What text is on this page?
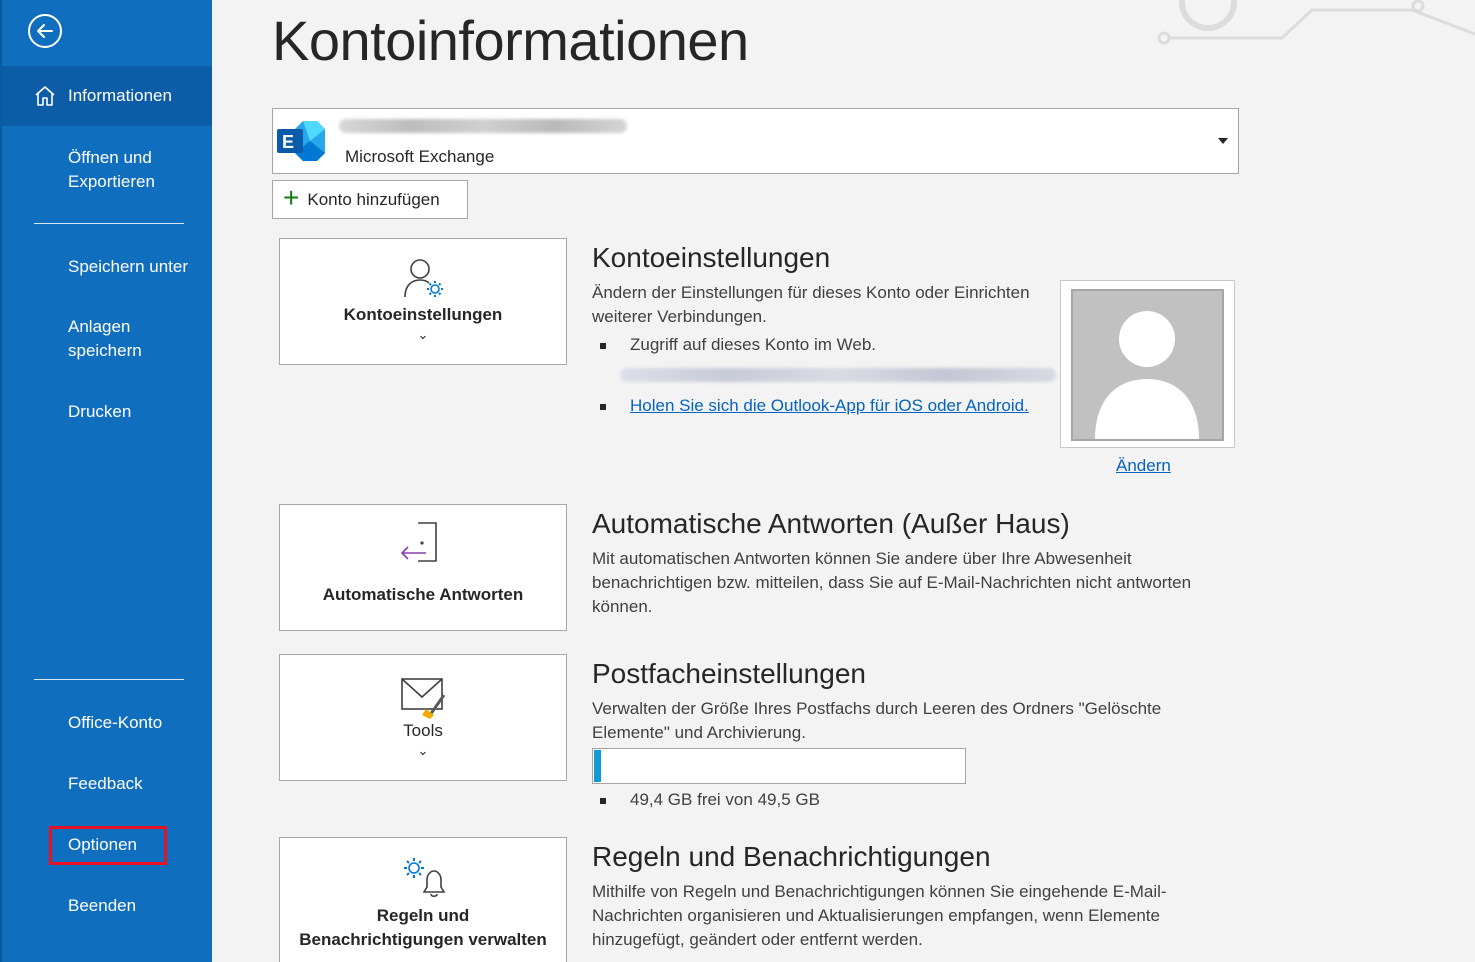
Informationen
Öffnen und Exportieren
Speichern unter
Anlagen speichern
Drucken
Office-Konto
Feedback
Optionen
Beenden
Kontoinformationen
E
Microsoft Exchange
+ Konto hinzufügen
Kontoeinstellungen
⌄
Kontoeinstellungen
Ändern der Einstellungen für dieses Konto oder Einrichten weiterer Verbindungen.
Zugriff auf dieses Konto im Web.
Holen Sie sich die Outlook-App für iOS oder Android.
Ändern
Automatische Antworten
Automatische Antworten (Außer Haus)
Mit automatischen Antworten können Sie andere über Ihre Abwesenheit benachrichtigen bzw. mitteilen, dass Sie auf E-Mail-Nachrichten nicht antworten können.
Tools
⌄
Postfacheinstellungen
Verwalten der Größe Ihres Postfachs durch Leeren des Ordners "Gelöschte Elemente" und Archivierung.
49,4 GB frei von 49,5 GB
Regeln und Benachrichtigungen verwalten
Regeln und Benachrichtigungen
Mithilfe von Regeln und Benachrichtigungen können Sie eingehende E-Mail-Nachrichten organisieren und Aktualisierungen empfangen, wenn Elemente hinzugefügt, geändert oder entfernt werden.
